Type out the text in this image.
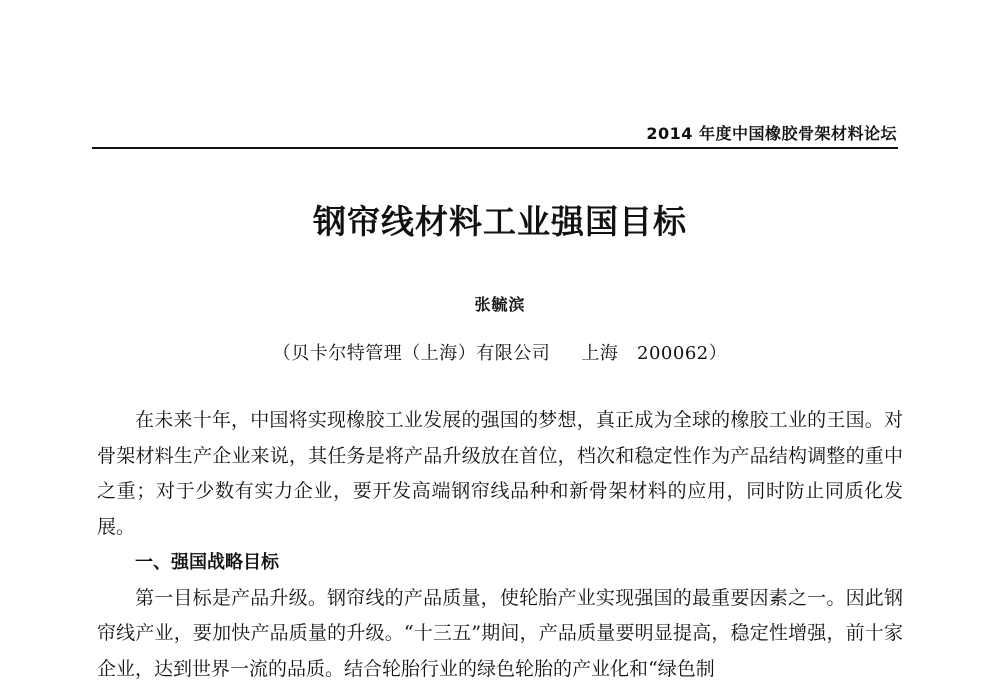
2014 年度中国橡胶骨架材料论坛
钢帘线材料工业强国目标
张毓滨
（贝卡尔特管理（上海）有限公司     上海   200062）

在未来十年，中国将实现橡胶工业发展的强国的梦想，真正成为全球的橡胶工业的王国。对骨架材料生产企业来说，其任务是将产品升级放在首位，档次和稳定性作为产品结构调整的重中之重；对于少数有实力企业，要开发高端钢帘线品种和新骨架材料的应用，同时防止同质化发展。

一、强国战略目标

第一目标是产品升级。钢帘线的产品质量，使轮胎产业实现强国的最重要因素之一。因此钢帘线产业，要加快产品质量的升级。“十三五”期间，产品质量要明显提高，稳定性增强，前十家企业，达到世界一流的品质。结合轮胎行业的绿色轮胎的产业化和“绿色制
